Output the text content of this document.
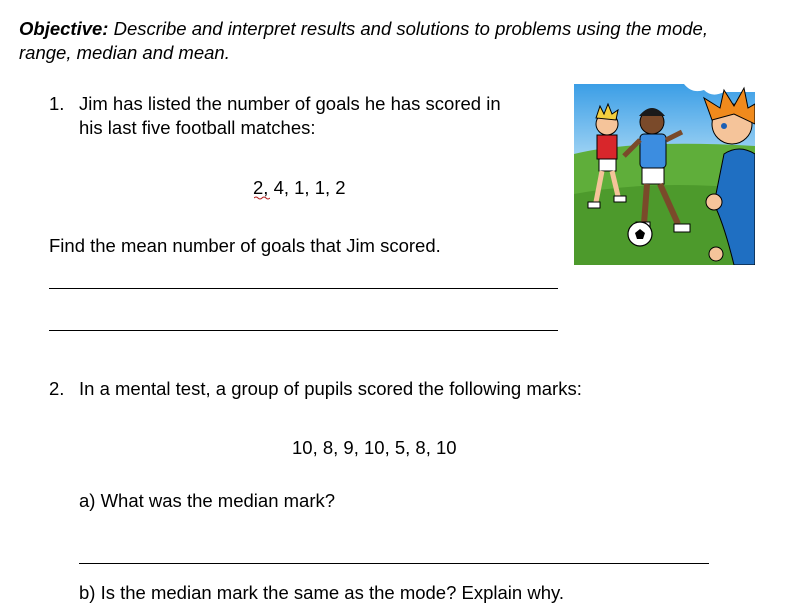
Objective: Describe and interpret results and solutions to problems using the mode, range, median and mean.
1. Jim has listed the number of goals he has scored in
his last five football matches:
2, 4, 1, 1, 2
Find the mean number of goals that Jim scored.
2. In a mental test, a group of pupils scored the following marks:
10, 8, 9, 10, 5, 8, 10
a) What was the median mark?
b) Is the median mark the same as the mode? Explain why.
